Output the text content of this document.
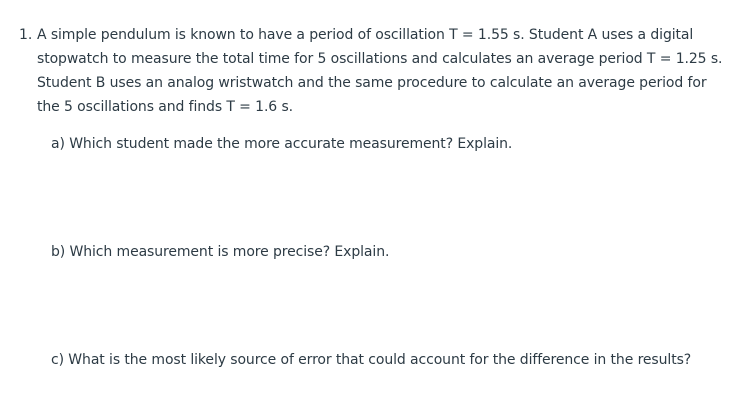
1. A simple pendulum is known to have a period of oscillation T = 1.55 s. Student A uses a digital
stopwatch to measure the total time for 5 oscillations and calculates an average period T = 1.25 s.
Student B uses an analog wristwatch and the same procedure to calculate an average period for
the 5 oscillations and finds T = 1.6 s.
a) Which student made the more accurate measurement? Explain.
b) Which measurement is more precise? Explain.
c) What is the most likely source of error that could account for the difference in the results?
